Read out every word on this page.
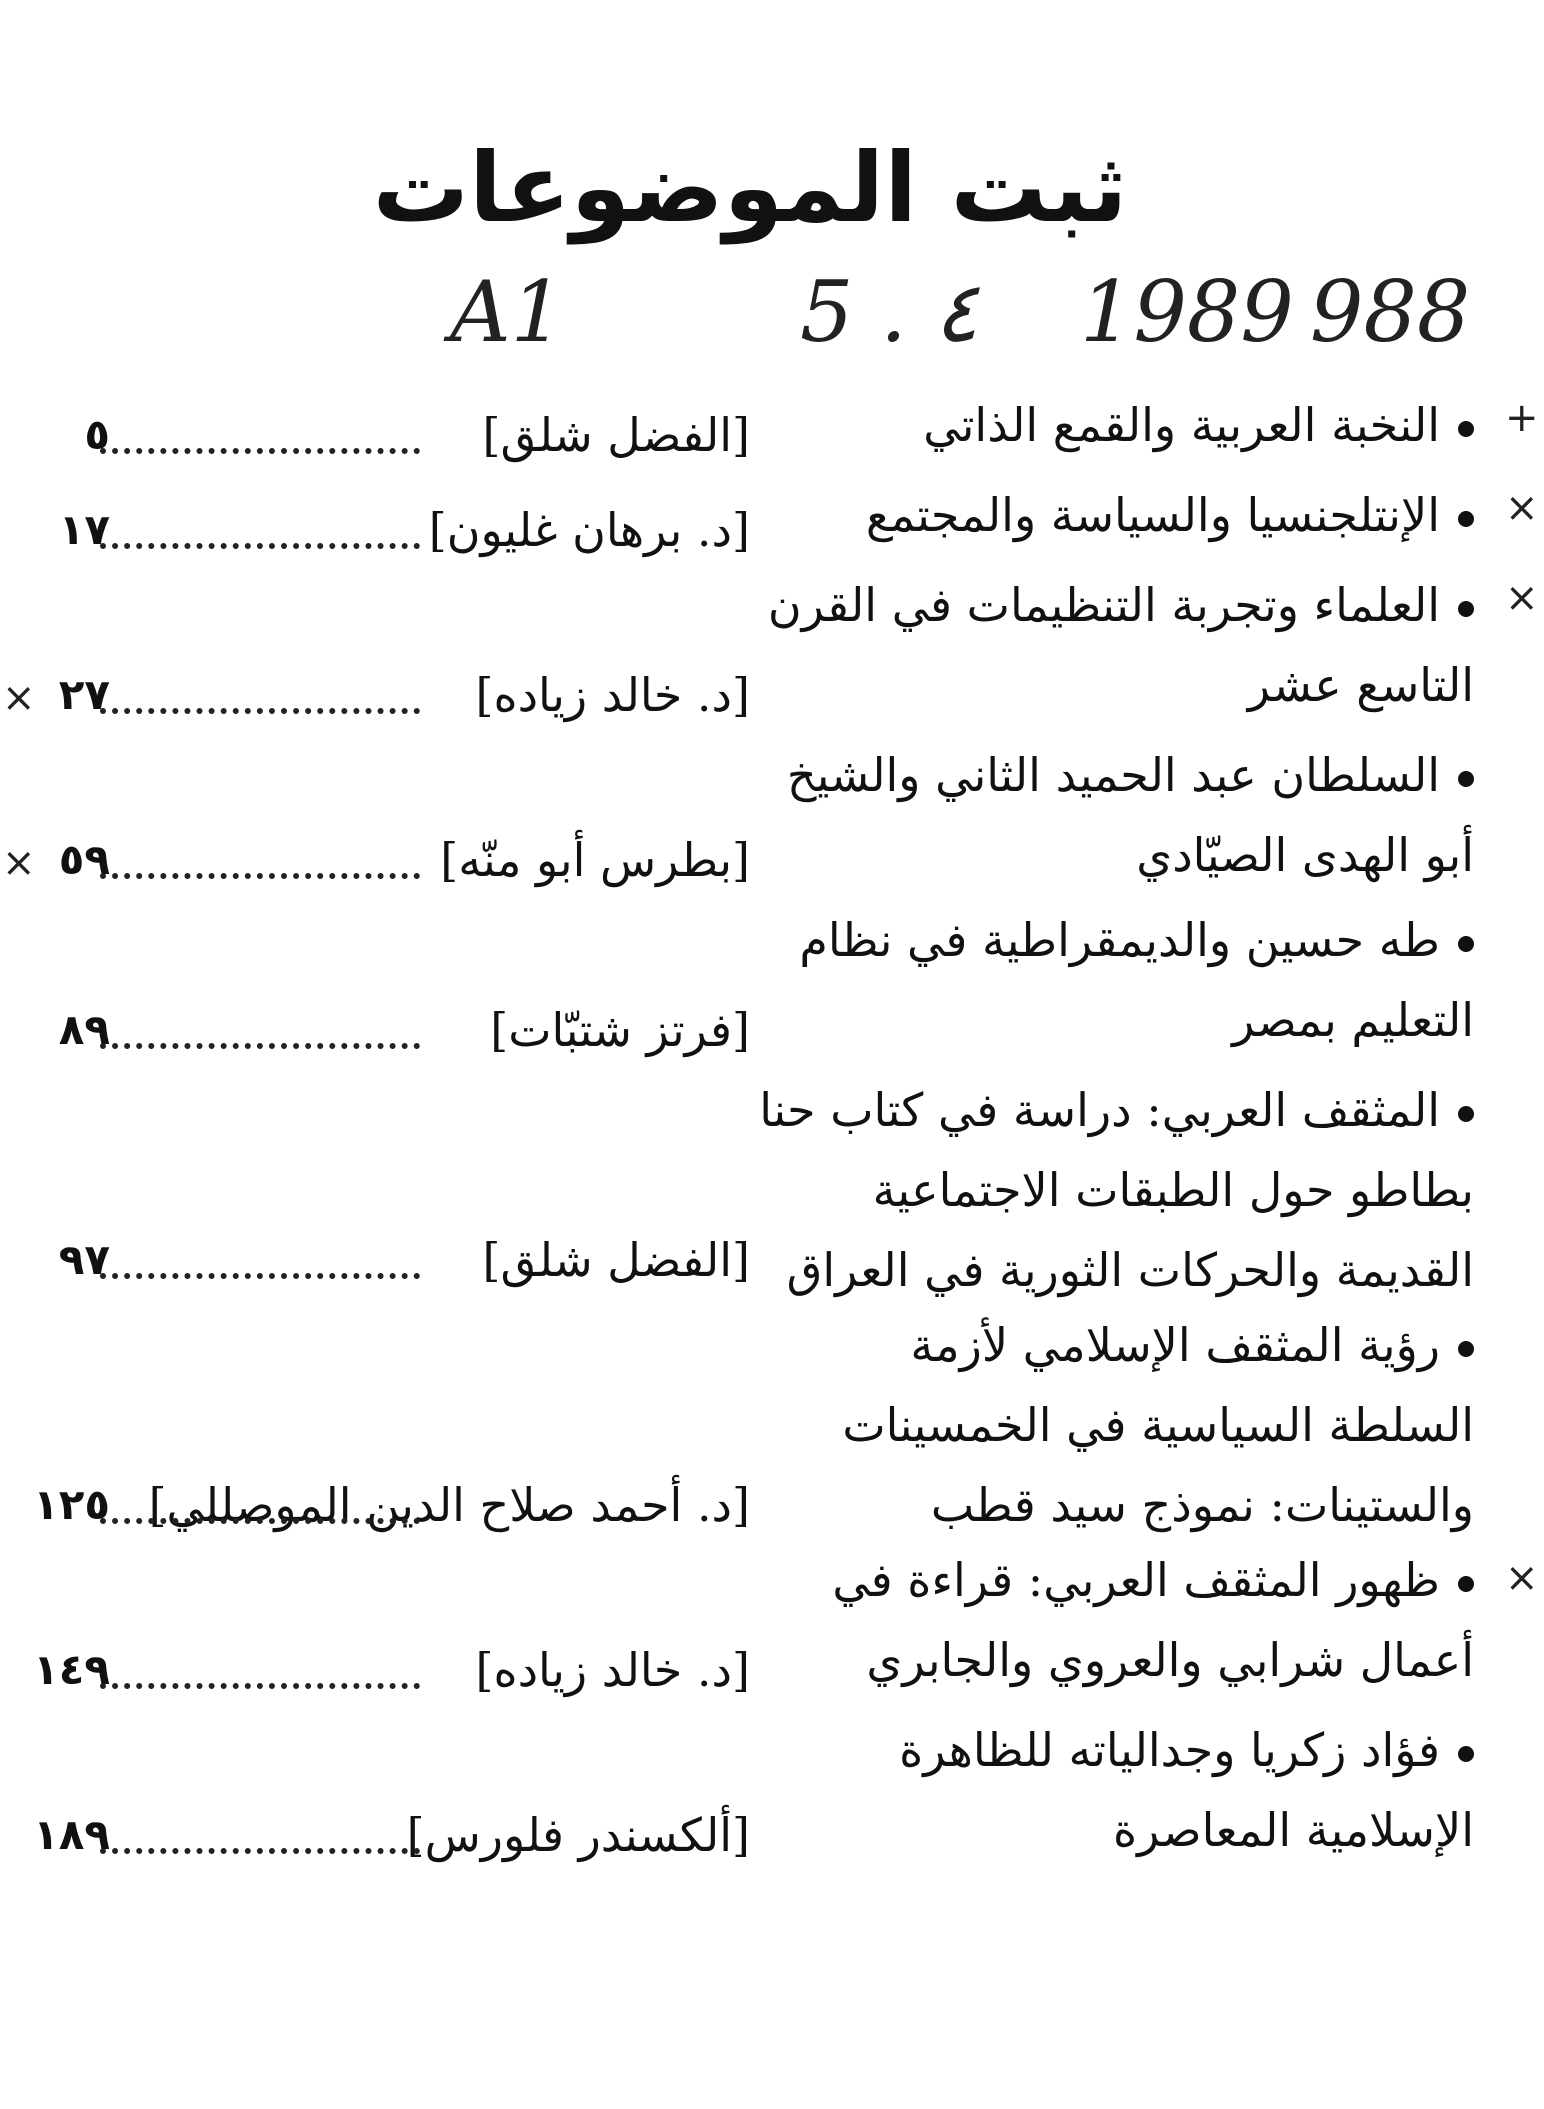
ثبت الموضوعات
A1	5 . ٤ 1989 988
النخبة العربية والقمع الذاتي
[الفضل شلق]
٥
الإنتلجنسيا والسياسة والمجتمع
[د. برهان غليون]
١٧
العلماء وتجربة التنظيمات في القرن التاسع عشر
[د. خالد زياده]
٢٧
السلطان عبد الحميد الثاني والشيخ أبو الهدى الصيّادي
[بطرس أبو منّه]
٥٩
طه حسين والديمقراطية في نظام التعليم بمصر
[فرتز شتبّات]
٨٩
المثقف العربي: دراسة في كتاب حنا بطاطو حول الطبقات الاجتماعية القديمة والحركات الثورية في العراق
[الفضل شلق]
٩٧
رؤية المثقف الإسلامي لأزمة السلطة السياسية في الخمسينات والستينات: نموذج سيد قطب
[د. أحمد صلاح الدين الموصللي]
١٢٥
ظهور المثقف العربي: قراءة في أعمال شرابي والعروي والجابري
[د. خالد زياده]
١٤٩
فؤاد زكريا وجدالياته للظاهرة الإسلامية المعاصرة
[ألكسندر فلورس]
١٨٩
+
×
×
×
×
×
